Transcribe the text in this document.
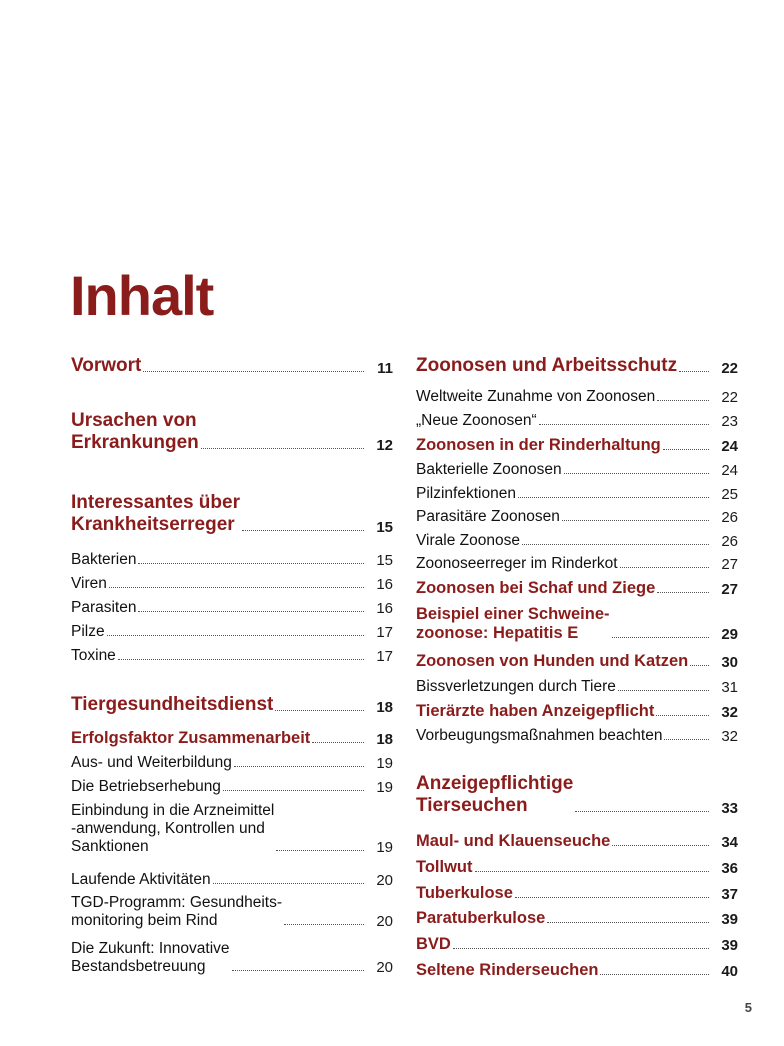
Inhalt
Vorwort	11
Ursachen von
Erkrankungen	12
Interessantes über
Krankheitserreger	15
Bakterien	15
Viren	16
Parasiten	16
Pilze	17
Toxine	17
Tiergesundheitsdienst	18
Erfolgsfaktor Zusammenarbeit	18
Aus- und Weiterbildung	19
Die Betriebserhebung	19
Einbindung in die Arzneimittel
-anwendung, Kontrollen und
Sanktionen	19
Laufende Aktivitäten	20
TGD-Programm: Gesundheits-
monitoring beim Rind	20
Die Zukunft: Innovative
Bestandsbetreuung	20
Zoonosen und Arbeitsschutz	22
Weltweite Zunahme von Zoonosen	22
„Neue Zoonosen“	23
Zoonosen in der Rinderhaltung	24
Bakterielle Zoonosen	24
Pilzinfektionen	25
Parasitäre Zoonosen	26
Virale Zoonose	26
Zoonoseerreger im Rinderkot	27
Zoonosen bei Schaf und Ziege	27
Beispiel einer Schweine-
zoonose: Hepatitis E	29
Zoonosen von Hunden und Katzen	30
Bissverletzungen durch Tiere	31
Tierärzte haben Anzeigepflicht	32
Vorbeugungsmaßnahmen beachten	32
Anzeigepflichtige
Tierseuchen	33
Maul- und Klauenseuche	34
Tollwut	36
Tuberkulose	37
Paratuberkulose	39
BVD	39
Seltene Rinderseuchen	40
5
